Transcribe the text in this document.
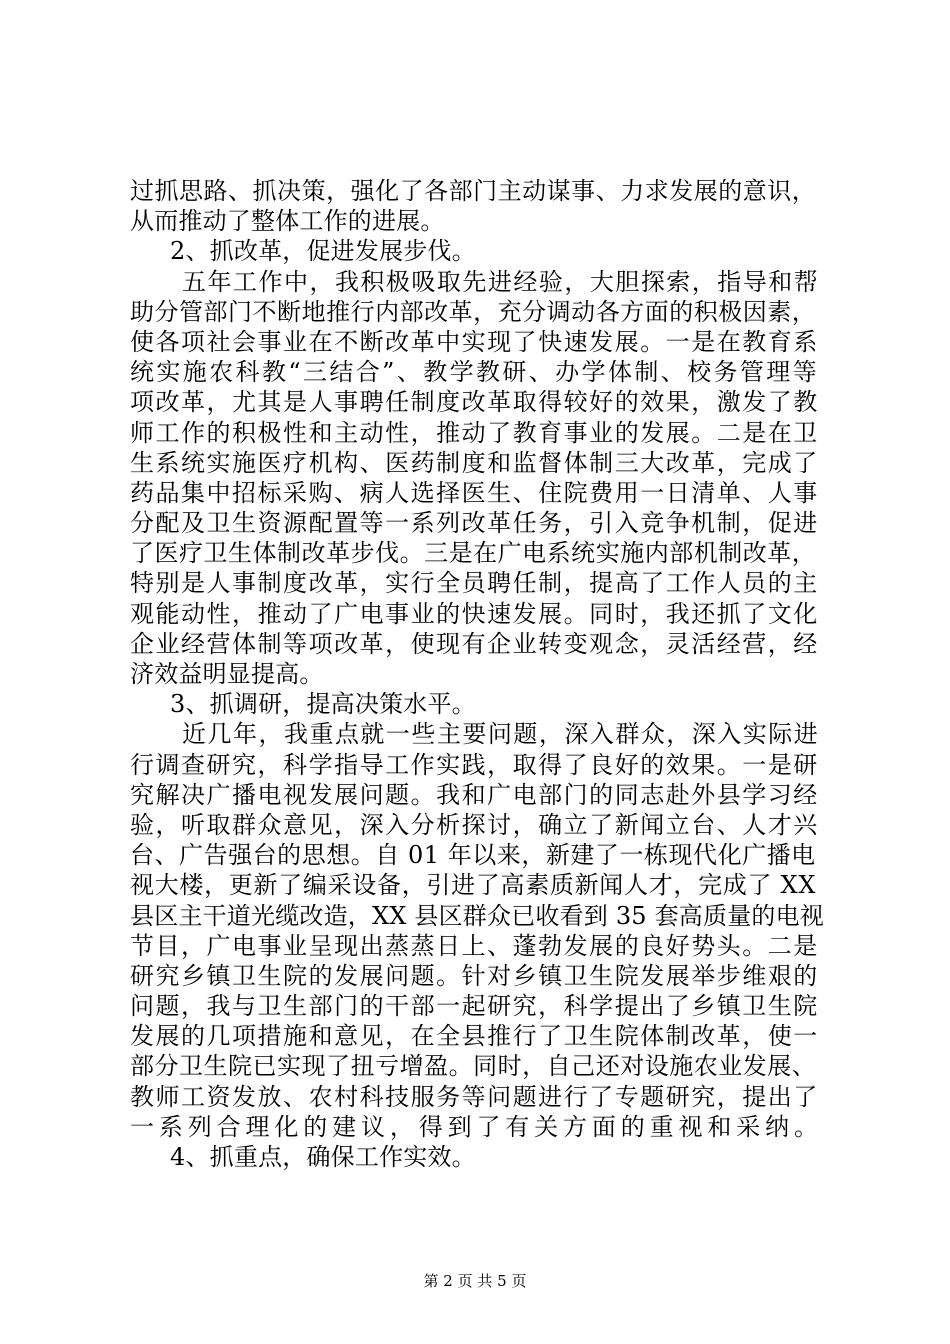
过抓思路、抓决策，强化了各部门主动谋事、力求发展的意识，
从而推动了整体工作的进展。
2、抓改革，促进发展步伐。
五年工作中，我积极吸取先进经验，大胆探索，指导和帮
助分管部门不断地推行内部改革，充分调动各方面的积极因素，
使各项社会事业在不断改革中实现了快速发展。一是在教育系
统实施农科教“三结合”、教学教研、办学体制、校务管理等
项改革，尤其是人事聘任制度改革取得较好的效果，激发了教
师工作的积极性和主动性，推动了教育事业的发展。二是在卫
生系统实施医疗机构、医药制度和监督体制三大改革，完成了
药品集中招标采购、病人选择医生、住院费用一日清单、人事
分配及卫生资源配置等一系列改革任务，引入竞争机制，促进
了医疗卫生体制改革步伐。三是在广电系统实施内部机制改革，
特别是人事制度改革，实行全员聘任制，提高了工作人员的主
观能动性，推动了广电事业的快速发展。同时，我还抓了文化
企业经营体制等项改革，使现有企业转变观念，灵活经营，经
济效益明显提高。
3、抓调研，提高决策水平。
近几年，我重点就一些主要问题，深入群众，深入实际进
行调查研究，科学指导工作实践，取得了良好的效果。一是研
究解决广播电视发展问题。我和广电部门的同志赴外县学习经
验，听取群众意见，深入分析探讨，确立了新闻立台、人才兴
台、广告强台的思想。自 01 年以来，新建了一栋现代化广播电
视大楼，更新了编采设备，引进了高素质新闻人才，完成了 XX
县区主干道光缆改造，XX 县区群众已收看到 35 套高质量的电视
节目，广电事业呈现出蒸蒸日上、蓬勃发展的良好势头。二是
研究乡镇卫生院的发展问题。针对乡镇卫生院发展举步维艰的
问题，我与卫生部门的干部一起研究，科学提出了乡镇卫生院
发展的几项措施和意见，在全县推行了卫生院体制改革，使一
部分卫生院已实现了扭亏增盈。同时，自己还对设施农业发展、
教师工资发放、农村科技服务等问题进行了专题研究，提出了
一系列合理化的建议，得到了有关方面的重视和采纳。
4、抓重点，确保工作实效。
第 2 页 共 5 页
